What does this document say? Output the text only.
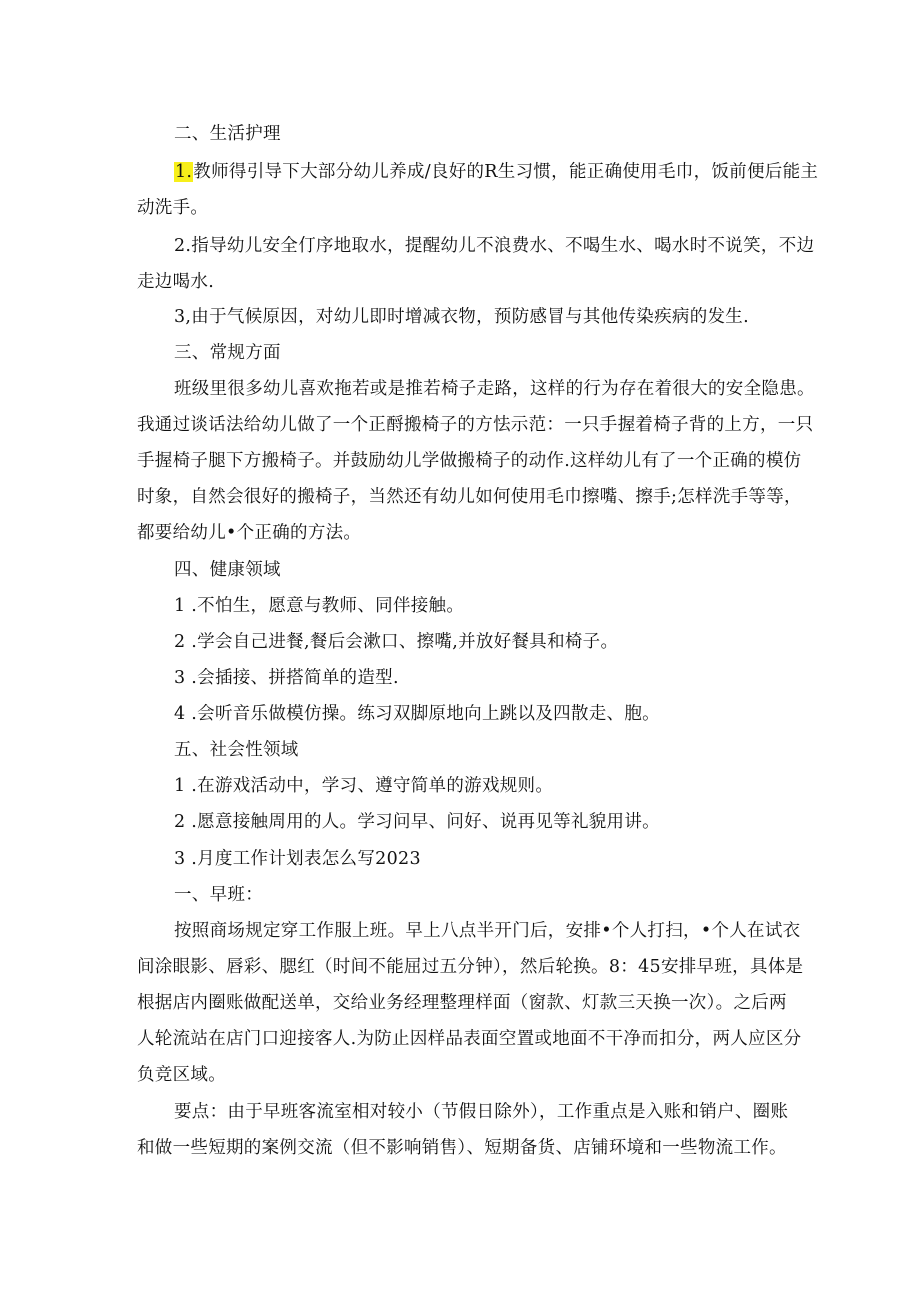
二、生活护理
1.教师得引导下大部分幼儿养成/良好的R生习惯，能正确使用毛巾，饭前便后能主
动洗手。
2.指导幼儿安全仃序地取水，提醒幼儿不浪费水、不喝生水、喝水时不说笑，不边
走边喝水.
3,由于气候原因，对幼儿即时增减衣物，预防感冒与其他传染疾病的发生.
三、常规方面
班级里很多幼儿喜欢拖若或是推若椅子走路，这样的行为存在着很大的安全隐患。
我通过谈话法给幼儿做了一个正酹搬椅子的方怯示范：一只手握着椅子背的上方，一只
手握椅子腿下方搬椅子。并鼓励幼儿学做搬椅子的动作.这样幼儿有了一个正确的模仿
时象，自然会很好的搬椅子，当然还有幼儿如何使用毛巾擦嘴、擦手;怎样洗手等等，
都要给幼儿•个正确的方法。
四、健康领域
1 .不怕生，愿意与教师、同伴接触。
2 .学会自己进餐,餐后会漱口、擦嘴,并放好餐具和椅子。
3 .会插接、拼搭简单的造型.
4 .会听音乐做模仿操。练习双脚原地向上跳以及四散走、胞。
五、社会性领域
1 .在游戏活动中，学习、遵守简单的游戏规则。
2 .愿意接触周用的人。学习问早、问好、说再见等礼貌用讲。
3 .月度工作计划表怎么写2023
一、早班：
按照商场规定穿工作服上班。早上八点半开门后，安排•个人打扫，•个人在试衣
间涂眼影、唇彩、腮红（时间不能屈过五分钟），然后轮换。8：45安排早班，具体是
根据店内圈账做配送单，交给业务经理整理样面（窗款、灯款三天换一次）。之后两
人轮流站在店门口迎接客人.为防止因样品表面空置或地面不干净而扣分，两人应区分
负竞区域。
要点：由于早班客流室相对较小（节假日除外），工作重点是入账和销户、圈账
和做一些短期的案例交流（但不影响销售）、短期备货、店铺环境和一些物流工作。
